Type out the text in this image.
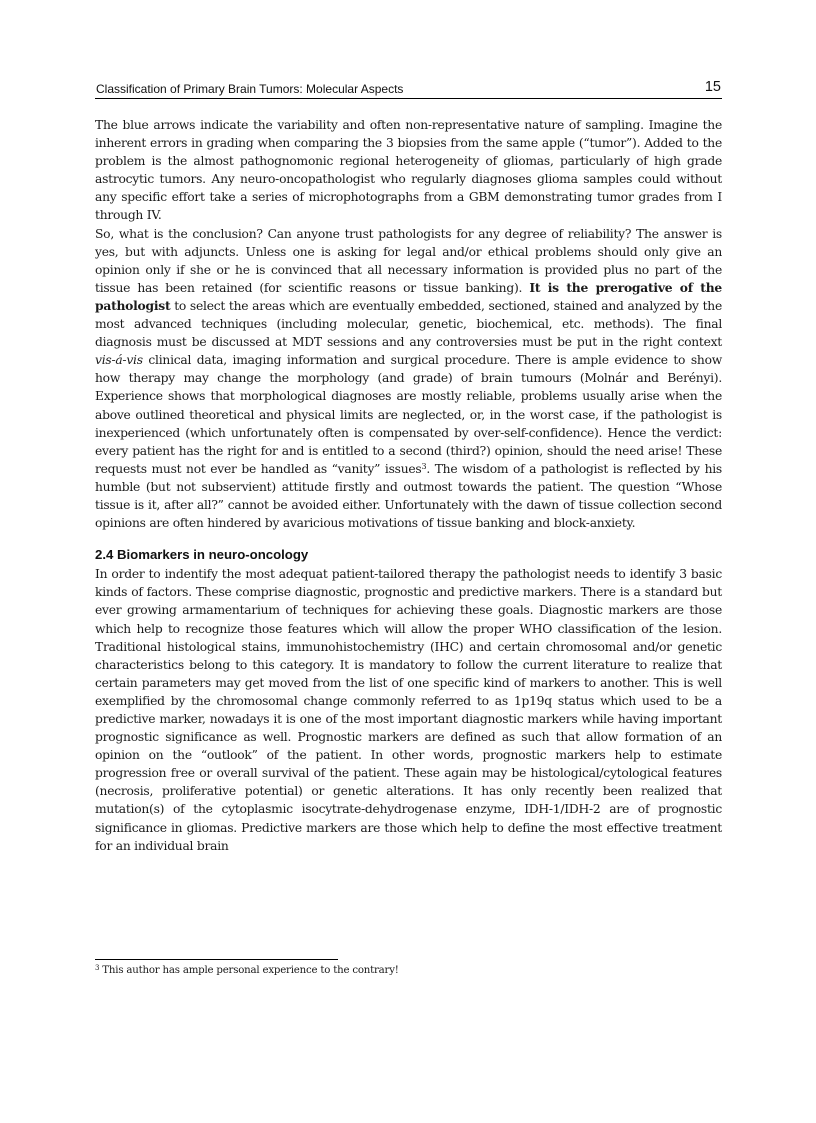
Classification of Primary Brain Tumors: Molecular Aspects	15

The blue arrows indicate the variability and often non-representative nature of sampling. Imagine the inherent errors in grading when comparing the 3 biopsies from the same apple (“tumor”). Added to the problem is the almost pathognomonic regional heterogeneity of gliomas, particularly of high grade astrocytic tumors. Any neuro-oncopathologist who regularly diagnoses glioma samples could without any specific effort take a series of microphotographs from a GBM demonstrating tumor grades from I through IV.

So, what is the conclusion? Can anyone trust pathologists for any degree of reliability? The answer is yes, but with adjuncts. Unless one is asking for legal and/or ethical problems should only give an opinion only if she or he is convinced that all necessary information is provided plus no part of the tissue has been retained (for scientific reasons or tissue banking). It is the prerogative of the pathologist to select the areas which are eventually embedded, sectioned, stained and analyzed by the most advanced techniques (including molecular, genetic, biochemical, etc. methods). The final diagnosis must be discussed at MDT sessions and any controversies must be put in the right context vis-á-vis clinical data, imaging information and surgical procedure. There is ample evidence to show how therapy may change the morphology (and grade) of brain tumours (Molnár and Berényi). Experience shows that morphological diagnoses are mostly reliable, problems usually arise when the above outlined theoretical and physical limits are neglected, or, in the worst case, if the pathologist is inexperienced (which unfortunately often is compensated by over-self-confidence). Hence the verdict: every patient has the right for and is entitled to a second (third?) opinion, should the need arise! These requests must not ever be handled as “vanity” issues$^3$. The wisdom of a pathologist is reflected by his humble (but not subservient) attitude firstly and outmost towards the patient. The question “Whose tissue is it, after all?” cannot be avoided either. Unfortunately with the dawn of tissue collection second opinions are often hindered by avaricious motivations of tissue banking and block-anxiety.

2.4 Biomarkers in neuro-oncology

In order to indentify the most adequat patient-tailored therapy the pathologist needs to identify 3 basic kinds of factors. These comprise diagnostic, prognostic and predictive markers. There is a standard but ever growing armamentarium of techniques for achieving these goals. Diagnostic markers are those which help to recognize those features which will allow the proper WHO classification of the lesion. Traditional histological stains, immunohistochemistry (IHC) and certain chromosomal and/or genetic characteristics belong to this category. It is mandatory to follow the current literature to realize that certain parameters may get moved from the list of one specific kind of markers to another. This is well exemplified by the chromosomal change commonly referred to as 1p19q status which used to be a predictive marker, nowadays it is one of the most important diagnostic markers while having important prognostic significance as well. Prognostic markers are defined as such that allow formation of an opinion on the “outlook” of the patient. In other words, prognostic markers help to estimate progression free or overall survival of the patient. These again may be histological/cytological features (necrosis, proliferative potential) or genetic alterations. It has only recently been realized that mutation(s) of the cytoplasmic isocytrate-dehydrogenase enzyme, IDH-1/IDH-2 are of prognostic significance in gliomas. Predictive markers are those which help to define the most effective treatment for an individual brain

$^3$ This author has ample personal experience to the contrary!
